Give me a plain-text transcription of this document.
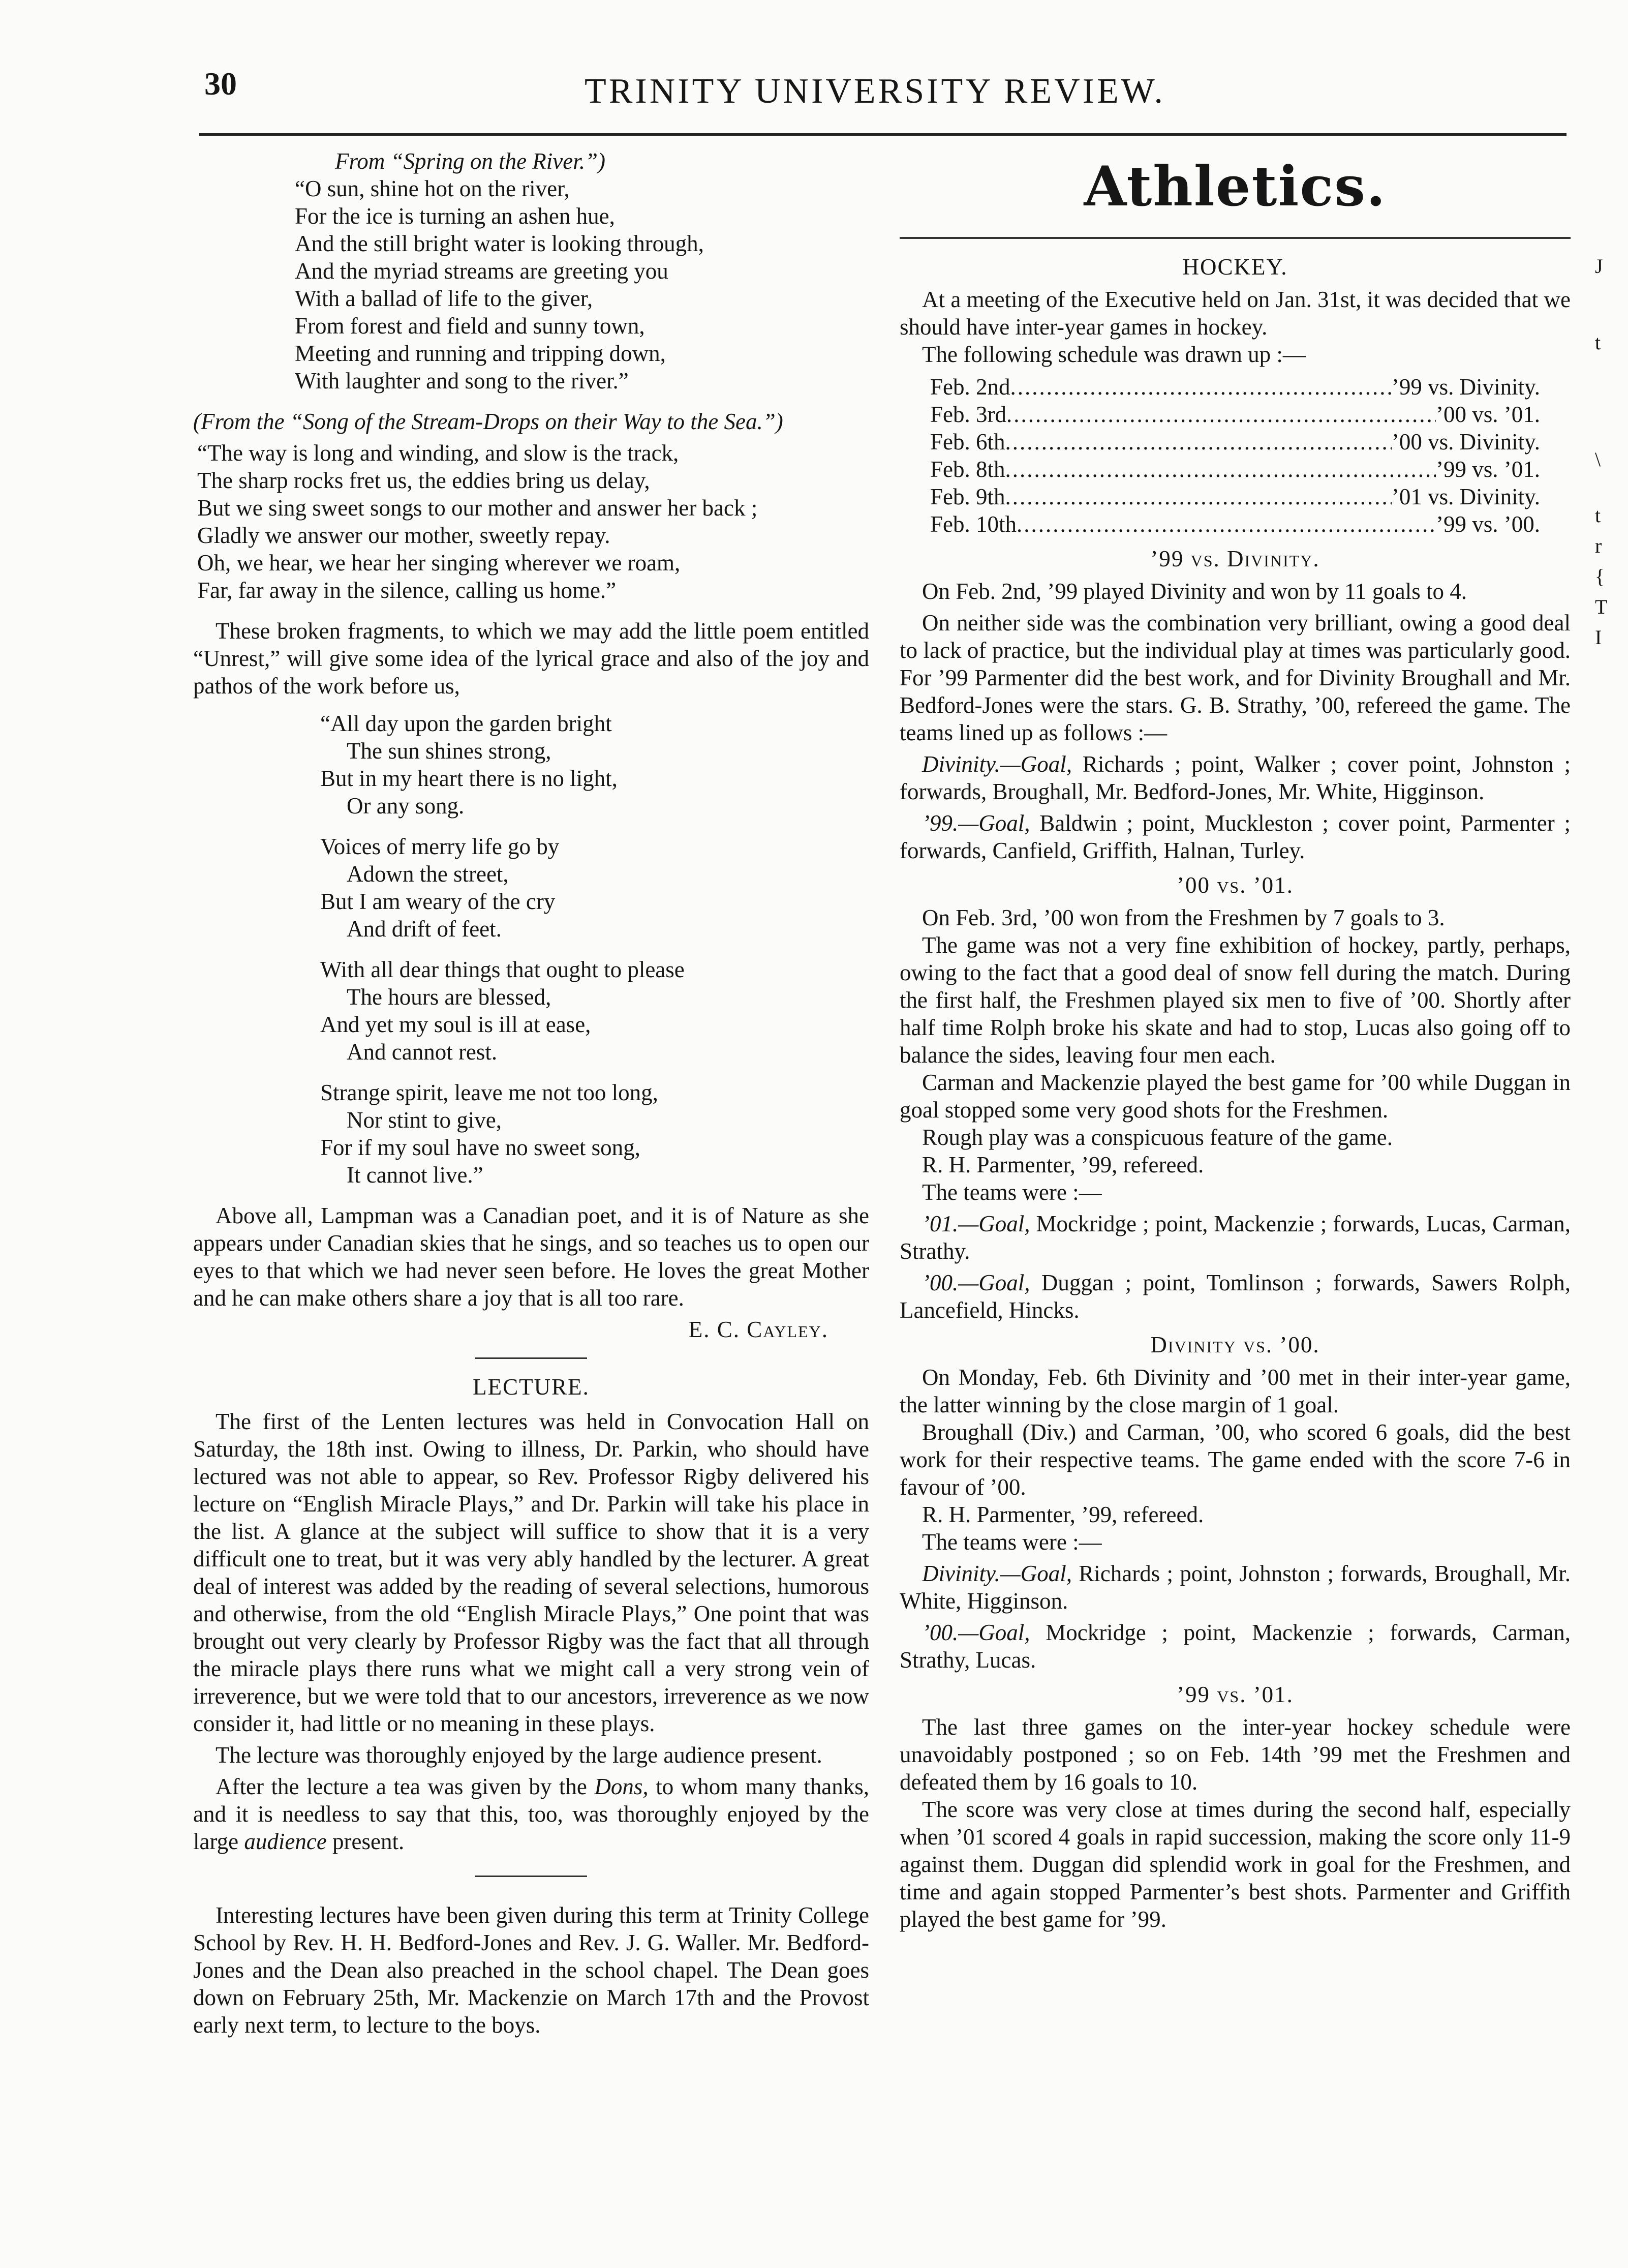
30	TRINITY UNIVERSITY REVIEW.

From “Spring on the River.”)

“O sun, shine hot on the river,

For the ice is turning an ashen hue,

And the still bright water is looking through,

And the myriad streams are greeting you

With a ballad of life to the giver,

From forest and field and sunny town,

Meeting and running and tripping down,

With laughter and song to the river.”

(From the “Song of the Stream-Drops on their Way to the Sea.”)

“The way is long and winding, and slow is the track,

The sharp rocks fret us, the eddies bring us delay,

But we sing sweet songs to our mother and answer her back ;

Gladly we answer our mother, sweetly repay.

Oh, we hear, we hear her singing wherever we roam,

Far, far away in the silence, calling us home.”

These broken fragments, to which we may add the little poem entitled “Unrest,” will give some idea of the lyrical grace and also of the joy and pathos of the work before us,

“All day upon the garden bright

The sun shines strong,

But in my heart there is no light,

Or any song.

Voices of merry life go by

Adown the street,

But I am weary of the cry

And drift of feet.

With all dear things that ought to please

The hours are blessed,

And yet my soul is ill at ease,

And cannot rest.

Strange spirit, leave me not too long,

Nor stint to give,

For if my soul have no sweet song,

It cannot live.”

Above all, Lampman was a Canadian poet, and it is of Nature as she appears under Canadian skies that he sings, and so teaches us to open our eyes to that which we had never seen before. He loves the great Mother and he can make others share a joy that is all too rare.

E. C. Cayley.

LECTURE.

The first of the Lenten lectures was held in Convocation Hall on Saturday, the 18th inst. Owing to illness, Dr. Parkin, who should have lectured was not able to appear, so Rev. Professor Rigby delivered his lecture on “English Miracle Plays,” and Dr. Parkin will take his place in the list. A glance at the subject will suffice to show that it is a very difficult one to treat, but it was very ably handled by the lecturer. A great deal of interest was added by the reading of several selections, humorous and otherwise, from the old “English Miracle Plays,” One point that was brought out very clearly by Professor Rigby was the fact that all through the miracle plays there runs what we might call a very strong vein of irreverence, but we were told that to our ancestors, irreverence as we now consider it, had little or no meaning in these plays.

The lecture was thoroughly enjoyed by the large audience present.

After the lecture a tea was given by the Dons, to whom many thanks, and it is needless to say that this, too, was thoroughly enjoyed by the large audience present.

Interesting lectures have been given during this term at Trinity College School by Rev. H. H. Bedford-Jones and Rev. J. G. Waller. Mr. Bedford-Jones and the Dean also preached in the school chapel. The Dean goes down on February 25th, Mr. Mackenzie on March 17th and the Provost early next term, to lecture to the boys.

Athletics.

HOCKEY.

At a meeting of the Executive held on Jan. 31st, it was decided that we should have inter-year games in hockey.

The following schedule was drawn up :—

Feb. 2nd .....	’99 vs. Divinity.
Feb. 3rd .....	’00 vs. ’01.
Feb. 6th .....	’00 vs. Divinity.
Feb. 8th .....	’99 vs. ’01.
Feb. 9th .....	’01 vs. Divinity.
Feb. 10th .....	’99 vs. ’00.

’99 vs. Divinity.

On Feb. 2nd, ’99 played Divinity and won by 11 goals to 4.

On neither side was the combination very brilliant, owing a good deal to lack of practice, but the individual play at times was particularly good. For ’99 Parmenter did the best work, and for Divinity Broughall and Mr. Bedford-Jones were the stars. G. B. Strathy, ’00, refereed the game. The teams lined up as follows :—

Divinity.—Goal, Richards ; point, Walker ; cover point, Johnston ; forwards, Broughall, Mr. Bedford-Jones, Mr. White, Higginson.

’99.—Goal, Baldwin ; point, Muckleston ; cover point, Parmenter ; forwards, Canfield, Griffith, Halnan, Turley.

’00 vs. ’01.

On Feb. 3rd, ’00 won from the Freshmen by 7 goals to 3.

The game was not a very fine exhibition of hockey, partly, perhaps, owing to the fact that a good deal of snow fell during the match. During the first half, the Freshmen played six men to five of ’00. Shortly after half time Rolph broke his skate and had to stop, Lucas also going off to balance the sides, leaving four men each.

Carman and Mackenzie played the best game for ’00 while Duggan in goal stopped some very good shots for the Freshmen.

Rough play was a conspicuous feature of the game.

R. H. Parmenter, ’99, refereed.

The teams were :—

’01.—Goal, Mockridge ; point, Mackenzie ; forwards, Lucas, Carman, Strathy.

’00.—Goal, Duggan ; point, Tomlinson ; forwards, Sawers Rolph, Lancefield, Hincks.

Divinity vs. ’00.

On Monday, Feb. 6th Divinity and ’00 met in their inter-year game, the latter winning by the close margin of 1 goal.

Broughall (Div.) and Carman, ’00, who scored 6 goals, did the best work for their respective teams. The game ended with the score 7-6 in favour of ’00.

R. H. Parmenter, ’99, refereed.

The teams were :—

Divinity.—Goal, Richards ; point, Johnston ; forwards, Broughall, Mr. White, Higginson.

’00.—Goal, Mockridge ; point, Mackenzie ; forwards, Carman, Strathy, Lucas.

’99 vs. ’01.

The last three games on the inter-year hockey schedule were unavoidably postponed ; so on Feb. 14th ’99 met the Freshmen and defeated them by 16 goals to 10.

The score was very close at times during the second half, especially when ’01 scored 4 goals in rapid succession, making the score only 11-9 against them. Duggan did splendid work in goal for the Freshmen, and time and again stopped Parmenter’s best shots. Parmenter and Griffith played the best game for ’99.

J
t
\
t
r
{
T
I
